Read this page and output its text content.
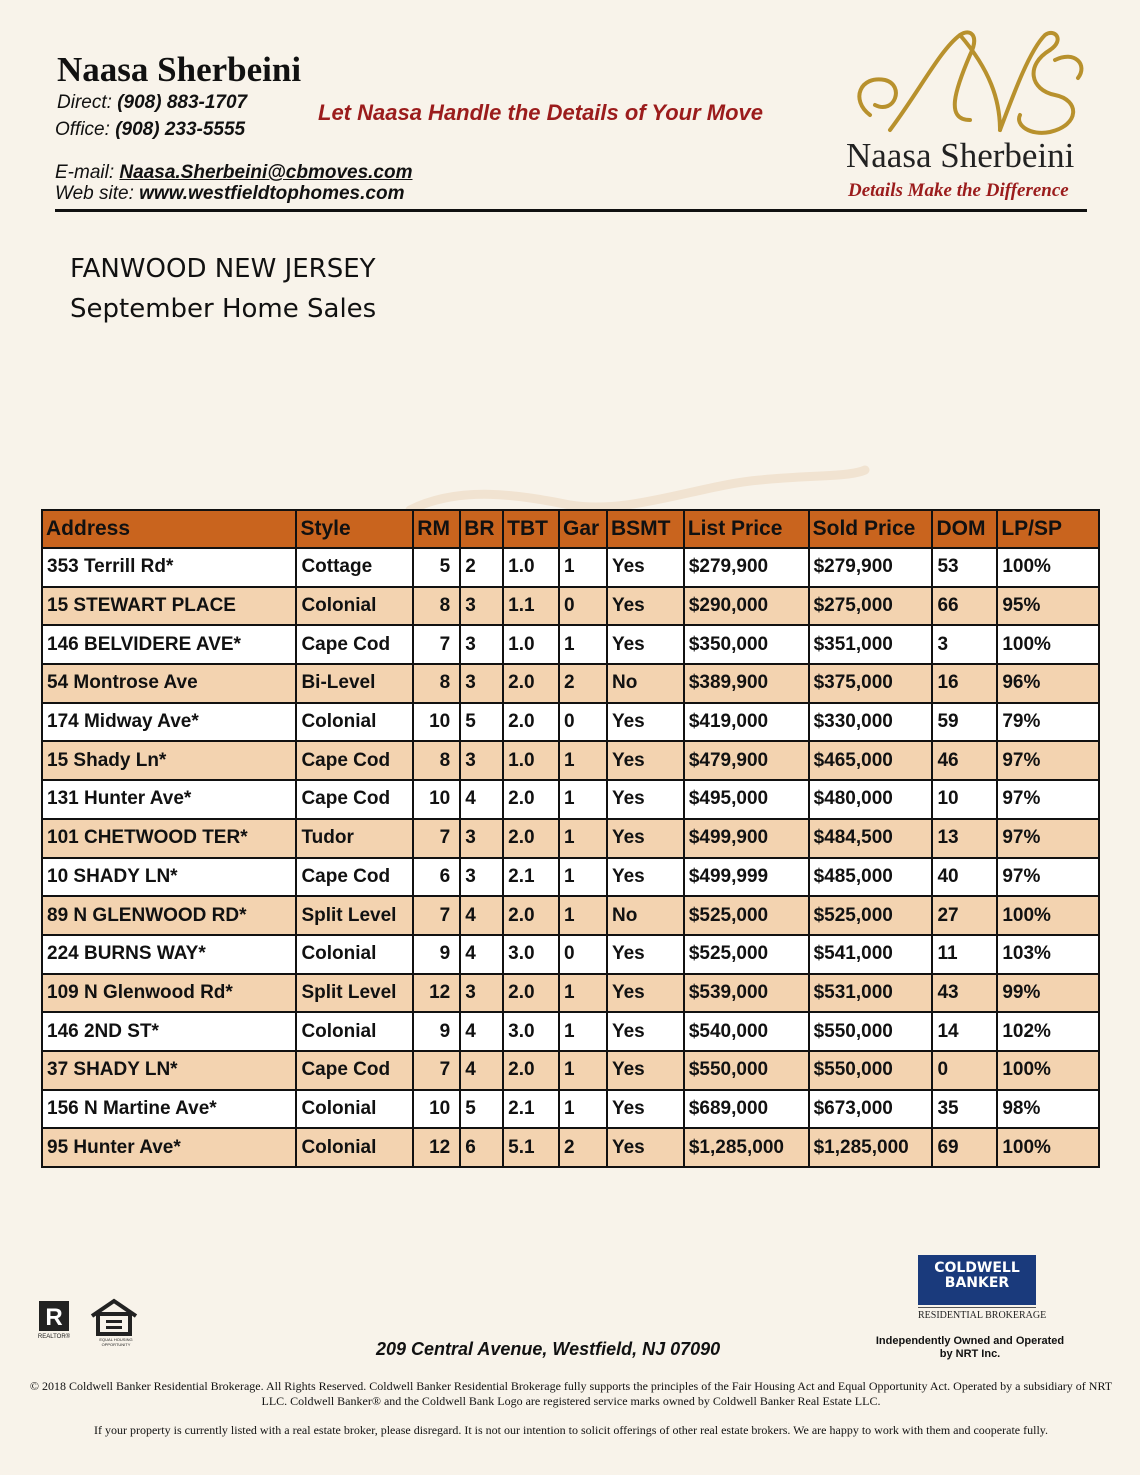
Naasa Sherbeini
Direct: (908) 883-1707
Office: (908) 233-5555
E-mail: Naasa.Sherbeini@cbmoves.com
Web site: www.westfieldtophomes.com
Let Naasa Handle the Details of Your Move
Naasa Sherbeini
Details Make the Difference
FANWOOD NEW JERSEY
September Home Sales
Address	Style	RM	BR	TBT	Gar	BSMT	List Price	Sold Price	DOM	LP/SP
353 Terrill Rd*	Cottage	5	2	1.0	1	Yes	$279,900	$279,900	53	100%
15 STEWART PLACE	Colonial	8	3	1.1	0	Yes	$290,000	$275,000	66	95%
146 BELVIDERE AVE*	Cape Cod	7	3	1.0	1	Yes	$350,000	$351,000	3	100%
54 Montrose Ave	Bi-Level	8	3	2.0	2	No	$389,900	$375,000	16	96%
174 Midway Ave*	Colonial	10	5	2.0	0	Yes	$419,000	$330,000	59	79%
15 Shady Ln*	Cape Cod	8	3	1.0	1	Yes	$479,900	$465,000	46	97%
131 Hunter Ave*	Cape Cod	10	4	2.0	1	Yes	$495,000	$480,000	10	97%
101 CHETWOOD TER*	Tudor	7	3	2.0	1	Yes	$499,900	$484,500	13	97%
10 SHADY LN*	Cape Cod	6	3	2.1	1	Yes	$499,999	$485,000	40	97%
89 N GLENWOOD RD*	Split Level	7	4	2.0	1	No	$525,000	$525,000	27	100%
224 BURNS WAY*	Colonial	9	4	3.0	0	Yes	$525,000	$541,000	11	103%
109 N Glenwood Rd*	Split Level	12	3	2.0	1	Yes	$539,000	$531,000	43	99%
146 2ND ST*	Colonial	9	4	3.0	1	Yes	$540,000	$550,000	14	102%
37 SHADY LN*	Cape Cod	7	4	2.0	1	Yes	$550,000	$550,000	0	100%
156 N Martine Ave*	Colonial	10	5	2.1	1	Yes	$689,000	$673,000	35	98%
95 Hunter Ave*	Colonial	12	6	5.1	2	Yes	$1,285,000	$1,285,000	69	100%
R
REALTOR®	EQUAL HOUSING OPPORTUNITY	209 Central Avenue, Westfield, NJ 07090
COLDWELL
BANKER
RESIDENTIAL BROKERAGE
Independently Owned and Operated
by NRT Inc.
© 2018 Coldwell Banker Residential Brokerage. All Rights Reserved. Coldwell Banker Residential Brokerage fully supports the principles of the Fair Housing Act and Equal Opportunity Act. Operated by a subsidiary of NRT LLC. Coldwell Banker® and the Coldwell Bank Logo are registered service marks owned by Coldwell Banker Real Estate LLC.
If your property is currently listed with a real estate broker, please disregard. It is not our intention to solicit offerings of other real estate brokers. We are happy to work with them and cooperate fully.
